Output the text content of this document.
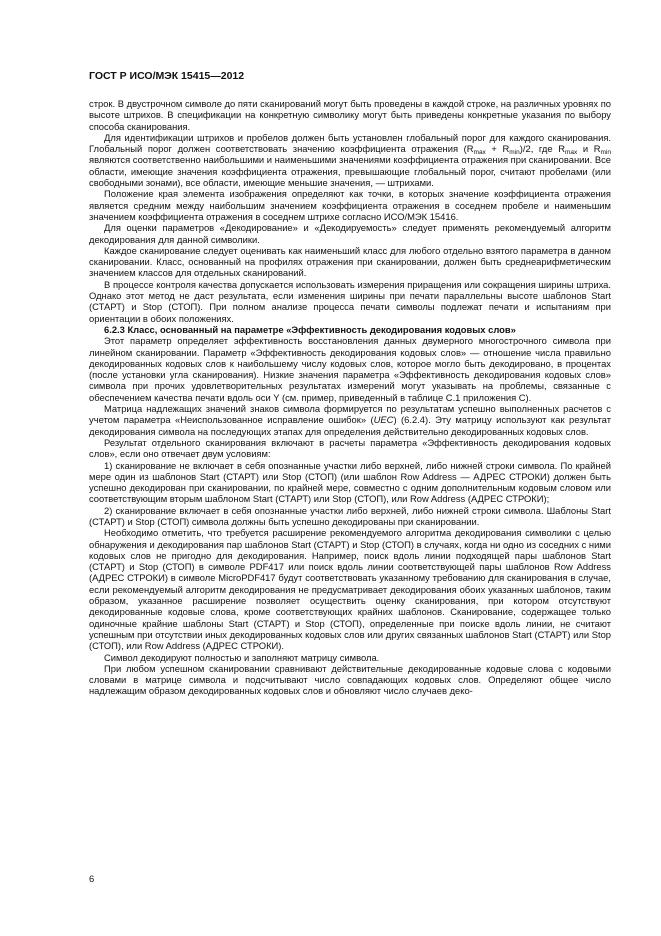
ГОСТ Р ИСО/МЭК 15415—2012

строк. В двустрочном символе до пяти сканирований могут быть проведены в каждой строке, на различных уровнях по высоте штрихов. В спецификации на конкретную символику могут быть приведены конкретные указания по выбору способа сканирования.

Для идентификации штрихов и пробелов должен быть установлен глобальный порог для каждого сканирования. Глобальный порог должен соответствовать значению коэффициента отражения $(R_{max} + R_{min})/2$, где $R_{max}$ и $R_{min}$ являются соответственно наибольшими и наименьшими значениями коэффициента отражения при сканировании. Все области, имеющие значения коэффициента отражения, превышающие глобальный порог, считают пробелами (или свободными зонами), все области, имеющие меньшие значения, — штрихами.

Положение края элемента изображения определяют как точки, в которых значение коэффициента отражения является средним между наибольшим значением коэффициента отражения в соседнем пробеле и наименьшим значением коэффициента отражения в соседнем штрихе согласно ИСО/МЭК 15416.

Для оценки параметров «Декодирование» и «Декодируемость» следует применять рекомендуемый алгоритм декодирования для данной символики.

Каждое сканирование следует оценивать как наименьший класс для любого отдельно взятого параметра в данном сканировании. Класс, основанный на профилях отражения при сканировании, должен быть среднеарифметическим значением классов для отдельных сканирований.

В процессе контроля качества допускается использовать измерения приращения или сокращения ширины штриха. Однако этот метод не даст результата, если изменения ширины при печати параллельны высоте шаблонов Start (СТАРТ) и Stop (СТОП). При полном анализе процесса печати символы подлежат печати и испытаниям при ориентации в обоих положениях.

6.2.3 Класс, основанный на параметре «Эффективность декодирования кодовых слов»

Этот параметр определяет эффективность восстановления данных двумерного многострочного символа при линейном сканировании. Параметр «Эффективность декодирования кодовых слов» — отношение числа правильно декодированных кодовых слов к наибольшему числу кодовых слов, которое могло быть декодировано, в процентах (после установки угла сканирования). Низкие значения параметра «Эффективность декодирования кодовых слов» символа при прочих удовлетворительных результатах измерений могут указывать на проблемы, связанные с обеспечением качества печати вдоль оси Y (см. пример, приведенный в таблице С.1 приложения С).

Матрица надлежащих значений знаков символа формируется по результатам успешно выполненных расчетов с учетом параметра «Неиспользованное исправление ошибок» (UEC) (6.2.4). Эту матрицу используют как результат декодирования символа на последующих этапах для определения действительно декодированных кодовых слов.

Результат отдельного сканирования включают в расчеты параметра «Эффективность декодирования кодовых слов», если оно отвечает двум условиям:

1) сканирование не включает в себя опознанные участки либо верхней, либо нижней строки символа. По крайней мере один из шаблонов Start (СТАРТ) или Stop (СТОП) (или шаблон Row Address — АДРЕС СТРОКИ) должен быть успешно декодирован при сканировании, по крайней мере, совместно с одним дополнительным кодовым словом или соответствующим вторым шаблоном Start (СТАРТ) или Stop (СТОП), или Row Address (АДРЕС СТРОКИ);

2) сканирование включает в себя опознанные участки либо верхней, либо нижней строки символа. Шаблоны Start (СТАРТ) и Stop (СТОП) символа должны быть успешно декодированы при сканировании.

Необходимо отметить, что требуется расширение рекомендуемого алгоритма декодирования символики с целью обнаружения и декодирования пар шаблонов Start (СТАРТ) и Stop (СТОП) в случаях, когда ни одно из соседних с ними кодовых слов не пригодно для декодирования. Например, поиск вдоль линии подходящей пары шаблонов Start (СТАРТ) и Stop (СТОП) в символе PDF417 или поиск вдоль линии соответствующей пары шаблонов Row Address (АДРЕС СТРОКИ) в символе MicroPDF417 будут соответствовать указанному требованию для сканирования в случае, если рекомендуемый алгоритм декодирования не предусматривает декодирования обоих указанных шаблонов, таким образом, указанное расширение позволяет осуществить оценку сканирования, при котором отсутствуют декодированные кодовые слова, кроме соответствующих крайних шаблонов. Сканирование, содержащее только одиночные крайние шаблоны Start (СТАРТ) и Stop (СТОП), определенные при поиске вдоль линии, не считают успешным при отсутствии иных декодированных кодовых слов или других связанных шаблонов Start (СТАРТ) или Stop (СТОП), или Row Address (АДРЕС СТРОКИ).

Символ декодируют полностью и заполняют матрицу символа.

При любом успешном сканировании сравнивают действительные декодированные кодовые слова с кодовыми словами в матрице символа и подсчитывают число совпадающих кодовых слов. Определяют общее число надлежащим образом декодированных кодовых слов и обновляют число случаев деко-

6
